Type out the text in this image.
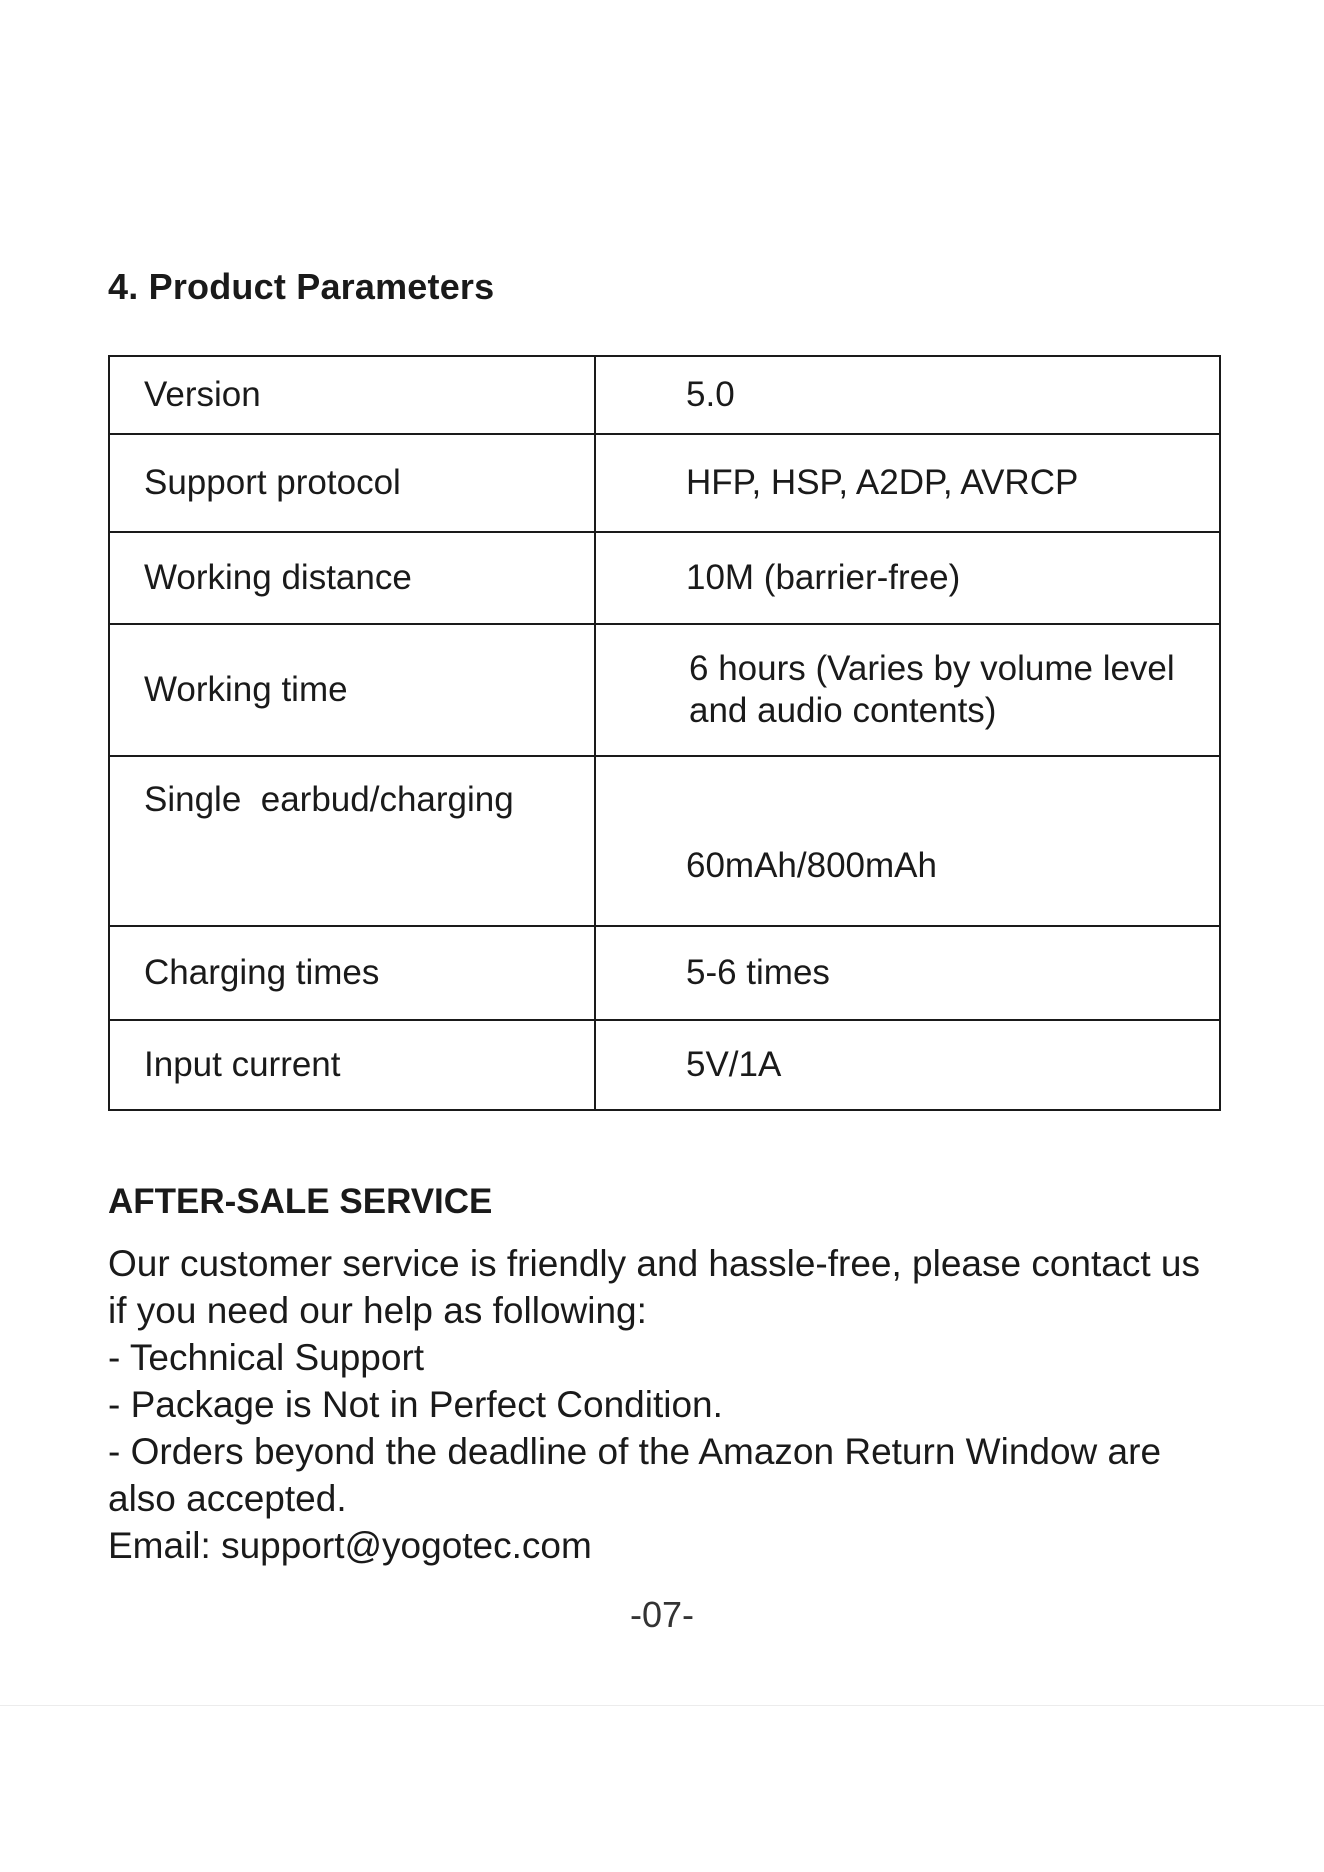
4. Product Parameters
Version	5.0
Support protocol	HFP, HSP, A2DP, AVRCP
Working distance	10M (barrier-free)
Working time	6 hours (Varies by volume level
and audio contents)

Single  earbud/charging	60mAh/800mAh
Charging times	5-6 times
Input current	5V/1A
AFTER-SALE SERVICE

Our customer service is friendly and hassle-free, please contact us

if you need our help as following:

- Technical Support
- Package is Not in Perfect Condition.
- Orders beyond the deadline of the Amazon Return Window are
also accepted.

Email: support@yogotec.com

-07-
